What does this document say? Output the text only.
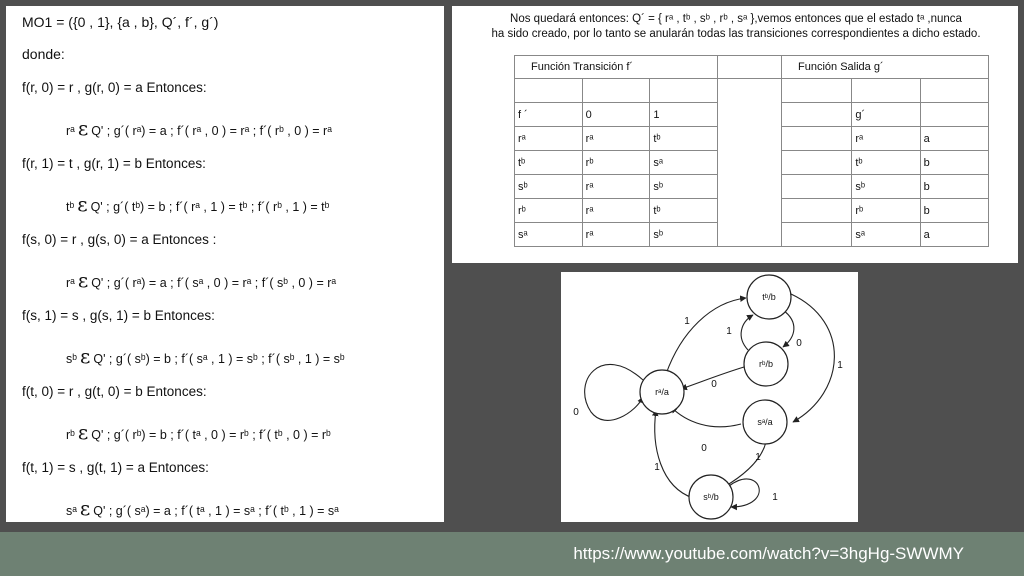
MO1 = ({0 , 1}, {a , b}, Q´, f´, g´)
donde:
f(r, 0) = r , g(r, 0) = a Entonces:
rᵃ ε Q' ; g´( rᵃ) = a ; f´( rᵃ , 0 ) = rᵃ ; f´( rᵇ , 0 ) = rᵃ
f(r, 1) = t , g(r, 1) = b Entonces:
tᵇ ε Q' ; g´( tᵇ) = b ; f´( rᵃ , 1 ) = tᵇ ; f´( rᵇ , 1 ) = tᵇ
f(s, 0) = r , g(s, 0) = a Entonces :
rᵃ ε Q' ; g´( rᵃ) = a ; f´( sᵃ , 0 ) = rᵃ ; f´( sᵇ , 0 ) = rᵃ
f(s, 1) = s , g(s, 1) = b Entonces:
sᵇ ε Q' ; g´( sᵇ) = b ; f´( sᵃ , 1 ) = sᵇ ; f´( sᵇ , 1 ) = sᵇ
f(t, 0) = r , g(t, 0) = b Entonces:
rᵇ ε Q' ; g´( rᵇ) = b ; f´( tᵃ , 0 ) = rᵇ ; f´( tᵇ , 0 ) = rᵇ
f(t, 1) = s , g(t, 1) = a Entonces:
sᵃ ε Q' ; g´( sᵃ) = a ; f´( tᵃ , 1 ) = sᵃ ; f´( tᵇ , 1 ) = sᵃ
Nos quedará entonces: Q´ = { rᵃ , tᵇ , sᵇ , rᵇ , sᵃ },vemos entonces que el estado tᵃ ,nunca
ha sido creado, por lo tanto se anularán todas las transiciones correspondientes a dicho estado.
Función Transición f´				Función Salida g´		

f ´	0	1			g´	
rᵃ	rᵃ	tᵇ			rᵃ	a
tᵇ	rᵇ	sᵃ			tᵇ	b
sᵇ	rᵃ	sᵇ			sᵇ	b
rᵇ	rᵃ	tᵇ			rᵇ	b
sᵃ	rᵃ	sᵇ			sᵃ	a
tᵇ/b
rᵇ/b
rᵃ/a
sᵃ/a
sᵇ/b
1
1
0
0
1
0
0
1
1
1
https://www.youtube.com/watch?v=3hgHg-SWWMY
